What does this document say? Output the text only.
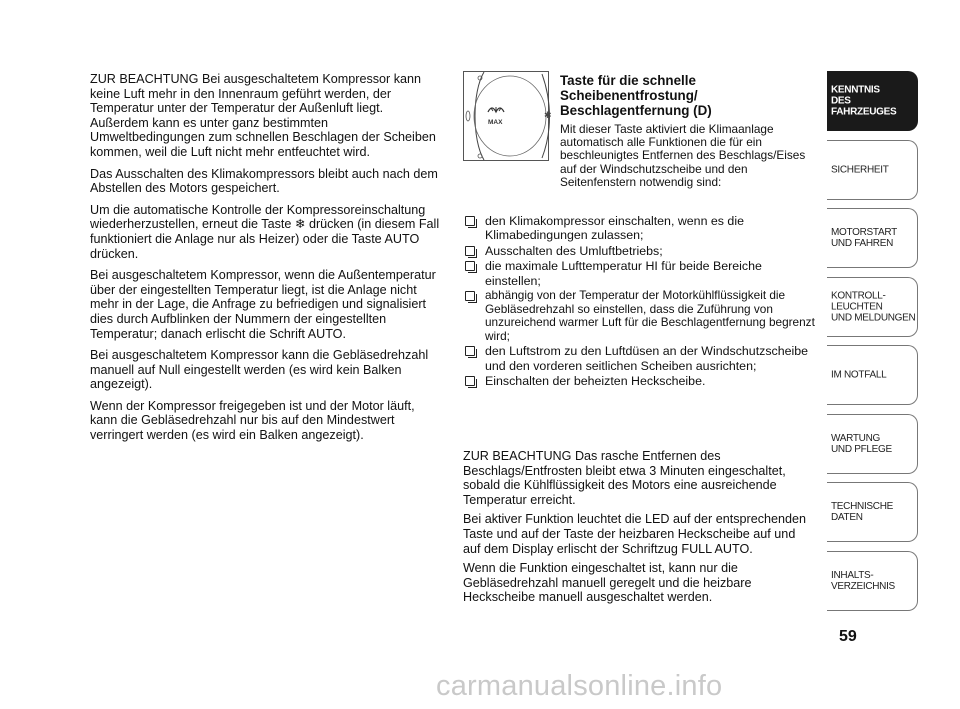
ZUR BEACHTUNG Bei ausgeschaltetem Kompressor kann keine Luft mehr in den Innenraum geführt werden, der Temperatur unter der Temperatur der Außenluft liegt. Außerdem kann es unter ganz bestimmten Umweltbedingungen zum schnellen Beschlagen der Scheiben kommen, weil die Luft nicht mehr entfeuchtet wird.

Das Ausschalten des Klimakompressors bleibt auch nach dem Abstellen des Motors gespeichert.

Um die automatische Kontrolle der Kompressoreinschaltung wiederherzustellen, erneut die Taste ❄ drücken (in diesem Fall funktioniert die Anlage nur als Heizer) oder die Taste AUTO drücken.

Bei ausgeschaltetem Kompressor, wenn die Außentemperatur über der eingestellten Temperatur liegt, ist die Anlage nicht mehr in der Lage, die Anfrage zu befriedigen und signalisiert dies durch Aufblinken der Nummern der eingestellten Temperatur; danach erlischt die Schrift AUTO.

Bei ausgeschaltetem Kompressor kann die Gebläsedrehzahl manuell auf Null eingestellt werden (es wird kein Balken angezeigt).

Wenn der Kompressor freigegeben ist und der Motor läuft, kann die Gebläsedrehzahl nur bis auf den Mindestwert verringert werden (es wird ein Balken angezeigt).

MAX
✱
Taste für die schnelle Scheibenentfrostung/ Beschlagentfernung (D)
Mit dieser Taste aktiviert die Klimaanlage automatisch alle Funktionen die für ein beschleunigtes Entfernen des Beschlags/Eises auf der Windschutzscheibe und den Seitenfenstern notwendig sind:
den Klimakompressor einschalten, wenn es die Klimabedingungen zulassen;
Ausschalten des Umluftbetriebs;
die maximale Lufttemperatur HI für beide Bereiche einstellen;
abhängig von der Temperatur der Motorkühlflüssigkeit die Gebläsedrehzahl so einstellen, dass die Zuführung von unzureichend warmer Luft für die Beschlagentfernung begrenzt wird;
den Luftstrom zu den Luftdüsen an der Windschutzscheibe und den vorderen seitlichen Scheiben ausrichten;
Einschalten der beheizten Heckscheibe.

ZUR BEACHTUNG Das rasche Entfernen des Beschlags/Entfrosten bleibt etwa 3 Minuten eingeschaltet, sobald die Kühlflüssigkeit des Motors eine ausreichende Temperatur erreicht.

Bei aktiver Funktion leuchtet die LED auf der entsprechenden Taste und auf der Taste der heizbaren Heckscheibe auf und auf dem Display erlischt der Schriftzug FULL AUTO.

Wenn die Funktion eingeschaltet ist, kann nur die Gebläsedrehzahl manuell geregelt und die heizbare Heckscheibe manuell ausgeschaltet werden.

KENNTNIS
DES FAHRZEUGES
SICHERHEIT
MOTORSTART
UND FAHREN
KONTROLL-
LEUCHTEN
UND MELDUNGEN
IM NOTFALL
WARTUNG
UND PFLEGE
TECHNISCHE
DATEN
INHALTS-
VERZEICHNIS
59
carmanualsonline.info
